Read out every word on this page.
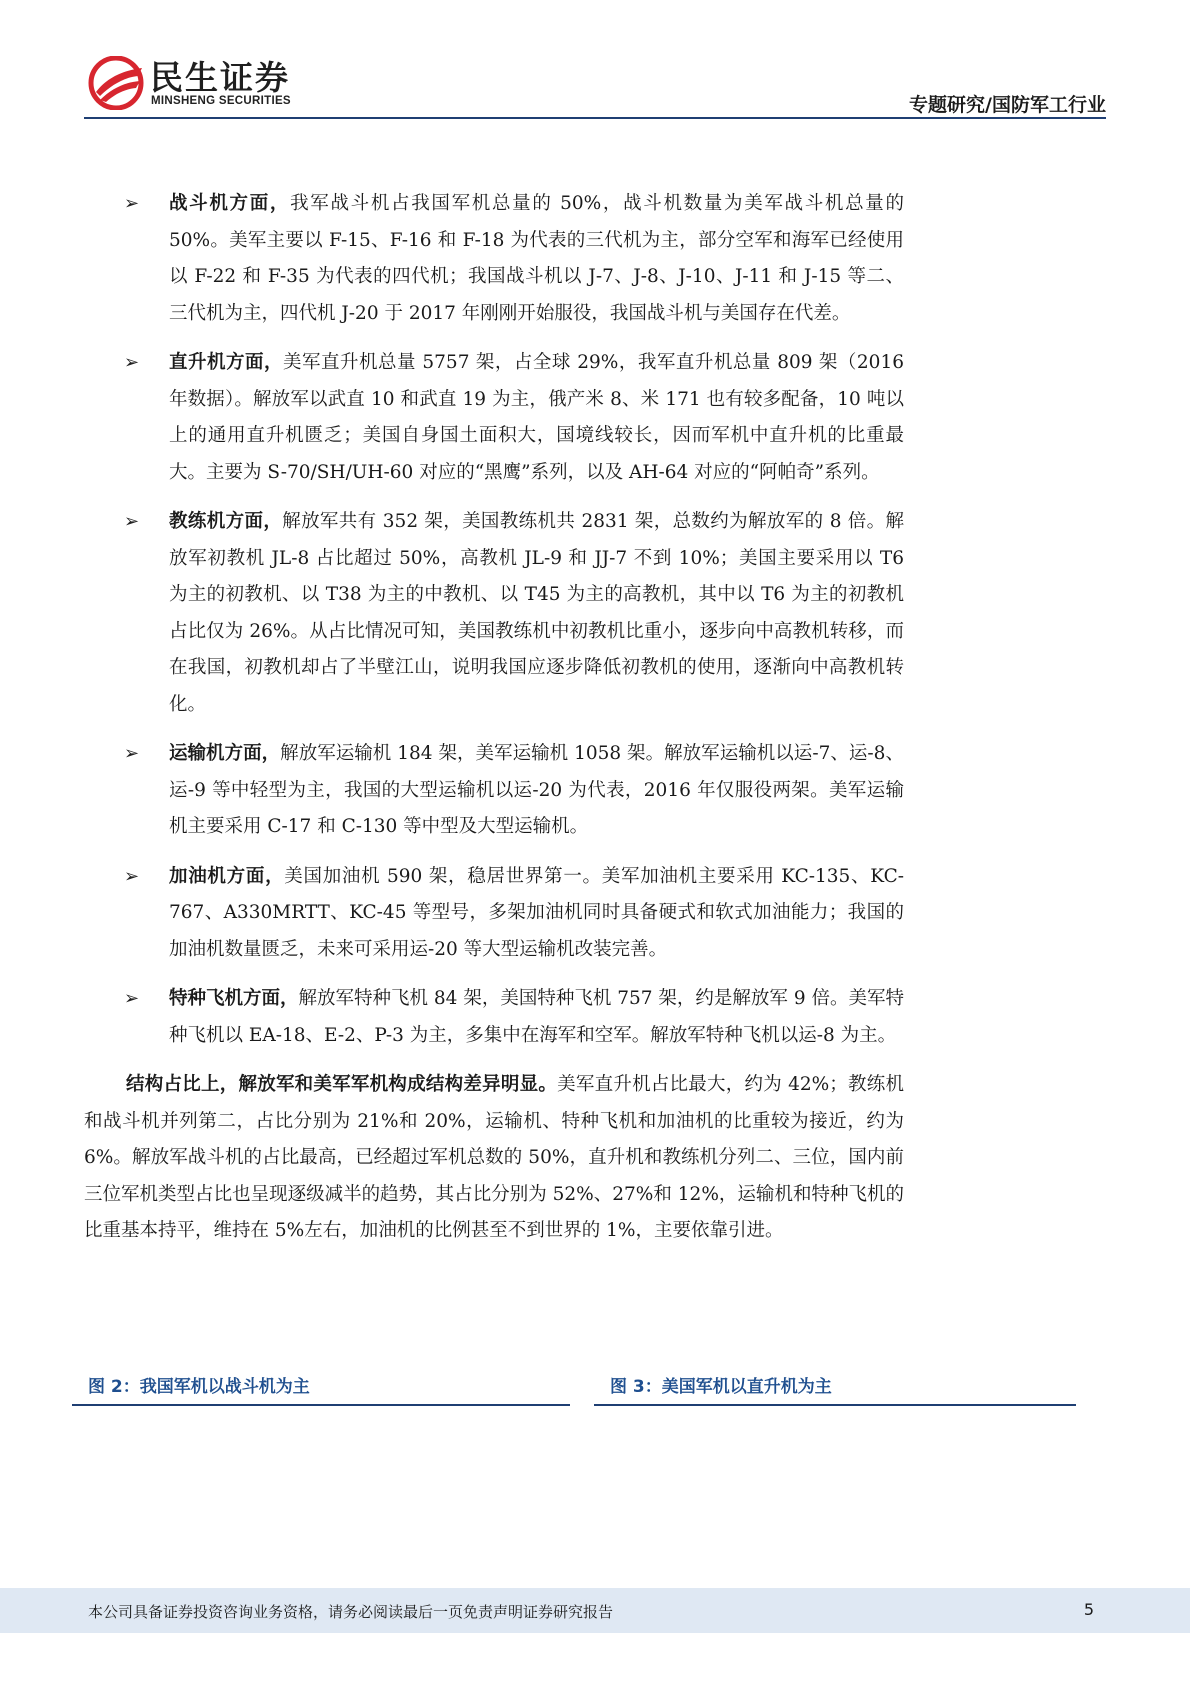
民生证券
MINSHENG SECURITIES	专题研究/国防军工行业
➢ 战斗机方面，我军战斗机占我国军机总量的 50%，战斗机数量为美军战斗机总量的 50%。美军主要以 F-15、F-16 和 F-18 为代表的三代机为主，部分空军和海军已经使用以 F-22 和 F-35 为代表的四代机；我国战斗机以 J-7、J-8、J-10、J-11 和 J-15 等二、三代机为主，四代机 J-20 于 2017 年刚刚开始服役，我国战斗机与美国存在代差。
➢ 直升机方面，美军直升机总量 5757 架，占全球 29%，我军直升机总量 809 架（2016 年数据）。解放军以武直 10 和武直 19 为主，俄产米 8、米 171 也有较多配备，10 吨以上的通用直升机匮乏；美国自身国土面积大，国境线较长，因而军机中直升机的比重最大。主要为 S-70/SH/UH-60 对应的“黑鹰”系列，以及 AH-64 对应的“阿帕奇”系列。
➢ 教练机方面，解放军共有 352 架，美国教练机共 2831 架，总数约为解放军的 8 倍。解放军初教机 JL-8 占比超过 50%，高教机 JL-9 和 JJ-7 不到 10%；美国主要采用以 T6 为主的初教机、以 T38 为主的中教机、以 T45 为主的高教机，其中以 T6 为主的初教机占比仅为 26%。从占比情况可知，美国教练机中初教机比重小，逐步向中高教机转移，而在我国，初教机却占了半壁江山，说明我国应逐步降低初教机的使用，逐渐向中高教机转化。
➢ 运输机方面，解放军运输机 184 架，美军运输机 1058 架。解放军运输机以运-7、运-8、运-9 等中轻型为主，我国的大型运输机以运-20 为代表，2016 年仅服役两架。美军运输机主要采用 C-17 和 C-130 等中型及大型运输机。
➢ 加油机方面，美国加油机 590 架，稳居世界第一。美军加油机主要采用 KC-135、KC-767、A330MRTT、KC-45 等型号，多架加油机同时具备硬式和软式加油能力；我国的加油机数量匮乏，未来可采用运-20 等大型运输机改装完善。
➢ 特种飞机方面，解放军特种飞机 84 架，美国特种飞机 757 架，约是解放军 9 倍。美军特种飞机以 EA-18、E-2、P-3 为主，多集中在海军和空军。解放军特种飞机以运-8 为主。
结构占比上，解放军和美军军机构成结构差异明显。美军直升机占比最大，约为 42%；教练机和战斗机并列第二，占比分别为 21%和 20%，运输机、特种飞机和加油机的比重较为接近，约为 6%。解放军战斗机的占比最高，已经超过军机总数的 50%，直升机和教练机分列二、三位，国内前三位军机类型占比也呈现逐级减半的趋势，其占比分别为 52%、27%和 12%，运输机和特种飞机的比重基本持平，维持在 5%左右，加油机的比例甚至不到世界的 1%，主要依靠引进。
图 2：我国军机以战斗机为主	图 3：美国军机以直升机为主
本公司具备证券投资咨询业务资格，请务必阅读最后一页免责声明证券研究报告	5
